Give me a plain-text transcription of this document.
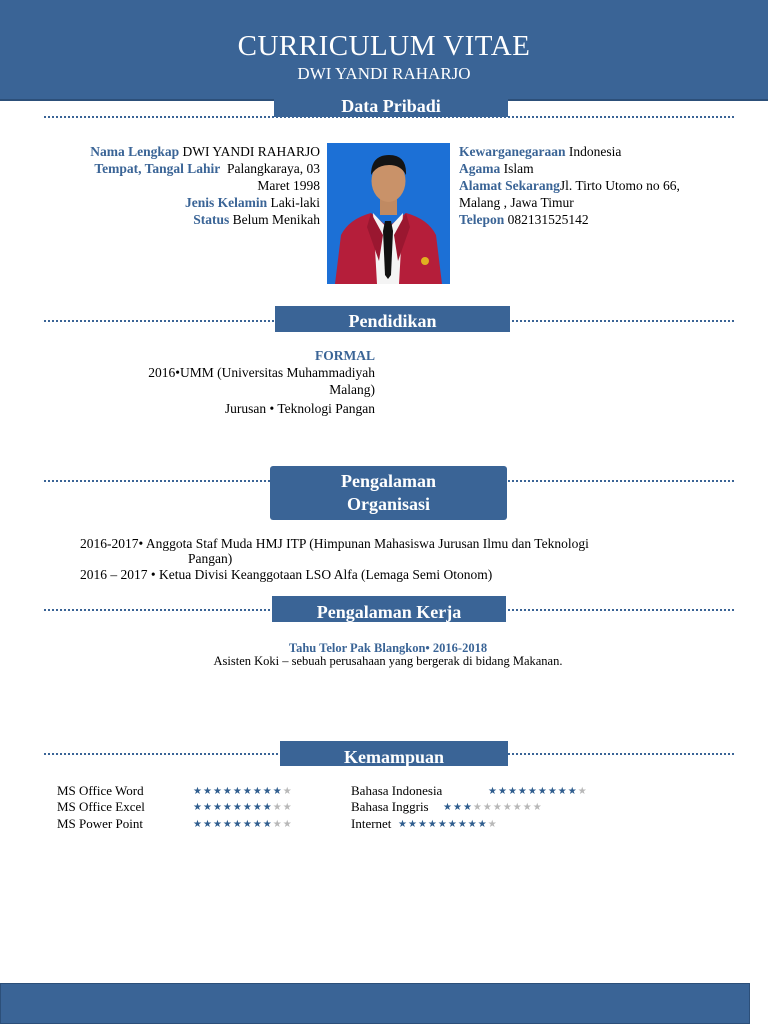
CURRICULUM VITAE
DWI YANDI RAHARJO
Data Pribadi
Nama Lengkap DWI YANDI RAHARJO
Tempat, Tangal Lahir Palangkaraya, 03
Maret 1998
Jenis Kelamin Laki-laki
Status Belum Menikah
Kewarganegaraan Indonesia
Agama Islam
Alamat SekarangJl. Tirto Utomo no 66,
Malang , Jawa Timur
Telepon 082131525142
Pendidikan
FORMAL
2016•UMM (Universitas Muhammadiyah
Malang)
Jurusan • Teknologi Pangan
Pengalaman
Organisasi
2016-2017• Anggota Staf Muda HMJ ITP (Himpunan Mahasiswa Jurusan Ilmu dan Teknologi
Pangan)
2016 – 2017 • Ketua Divisi Keanggotaan LSO Alfa (Lemaga Semi Otonom)
Pengalaman Kerja
Tahu Telor Pak Blangkon• 2016-2018
Asisten Koki – sebuah perusahaan yang bergerak di bidang Makanan.
Kemampuan
MS Office Word	★★★★★★★★★★
MS Office Excel	★★★★★★★★★★
MS Power Point	★★★★★★★★★★
Bahasa Indonesia	★★★★★★★★★★
Bahasa Inggris ★★★★★★★★★★
Internet ★★★★★★★★★★
